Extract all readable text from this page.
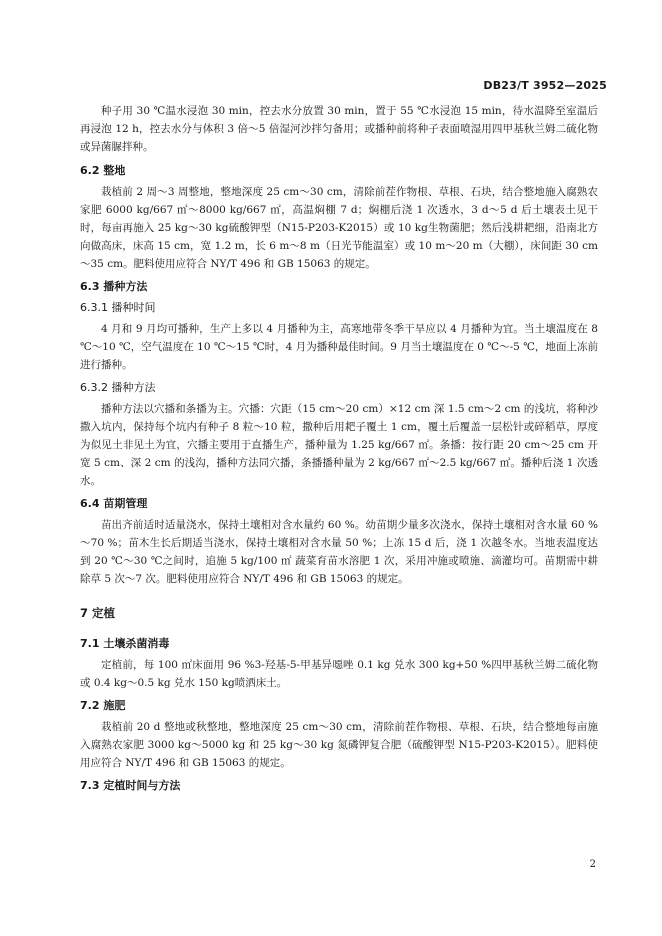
DB23/T 3952—2025

种子用 30 ℃温水浸泡 30 min，控去水分放置 30 min，置于 55 ℃水浸泡 15 min，待水温降至室温后再浸泡 12 h，控去水分与体积 3 倍～5 倍湿河沙拌匀备用；或播种前将种子表面喷湿用四甲基秋兰姆二硫化物或异菌脲拌种。

6.2 整地

栽植前 2 周～3 周整地，整地深度 25 cm～30 cm，清除前茬作物根、草根、石块，结合整地施入腐熟农家肥 6000 kg/667 ㎡～8000 kg/667 ㎡，高温焖棚 7 d；焖棚后浇 1 次透水，3 d～5 d 后土壤表土见干时，每亩再施入 25 kg～30 kg硫酸钾型（N15-P203-K2015）或 10 kg生物菌肥；然后浅耕耙细，沿南北方向做高床，床高 15 cm，宽 1.2 m，长 6 m～8 m（日光节能温室）或 10 m～20 m（大棚），床间距 30 cm～35 cm。肥料使用应符合 NY/T 496 和 GB 15063 的规定。

6.3 播种方法
6.3.1 播种时间

4 月和 9 月均可播种，生产上多以 4 月播种为主，高寒地带冬季干旱应以 4 月播种为宜。当土壤温度在 8 ℃～10 ℃，空气温度在 10 ℃～15 ℃时，4 月为播种最佳时间。9 月当土壤温度在 0 ℃～-5 ℃，地面上冻前进行播种。

6.3.2 播种方法

播种方法以穴播和条播为主。穴播：穴距（15 cm～20 cm）×12 cm 深 1.5 cm～2 cm 的浅坑，将种沙撒入坑内，保持每个坑内有种子 8 粒～10 粒，撒种后用耙子覆土 1 cm，覆土后覆盖一层松针或碎稻草，厚度为似见土非见土为宜，穴播主要用于直播生产，播种量为 1.25 kg/667 ㎡。条播：按行距 20 cm～25 cm 开宽 5 cm、深 2 cm 的浅沟，播种方法同穴播，条播播种量为 2 kg/667 ㎡～2.5 kg/667 ㎡。播种后浇 1 次透水。

6.4 苗期管理

苗出齐前适时适量浇水，保持土壤相对含水量约 60 %。幼苗期少量多次浇水，保持土壤相对含水量 60 %～70 %；苗木生长后期适当浇水，保持土壤相对含水量 50 %；上冻 15 d 后，浇 1 次越冬水。当地表温度达到 20 ℃～30 ℃之间时，追施 5 kg/100 ㎡ 蔬菜育苗水溶肥 1 次，采用冲施或喷施、滴灌均可。苗期需中耕除草 5 次～7 次。肥料使用应符合 NY/T 496 和 GB 15063 的规定。

7 定植
7.1 土壤杀菌消毒

定植前，每 100 ㎡床面用 96 %3-羟基-5-甲基异噁唑 0.1 kg 兑水 300 kg+50 %四甲基秋兰姆二硫化物或 0.4 kg～0.5 kg 兑水 150 kg喷洒床土。

7.2 施肥

栽植前 20 d 整地或秋整地，整地深度 25 cm～30 cm，清除前茬作物根、草根、石块，结合整地每亩施入腐熟农家肥 3000 kg～5000 kg 和 25 kg～30 kg 氮磷钾复合肥（硫酸钾型 N15-P203-K2015）。肥料使用应符合 NY/T 496 和 GB 15063 的规定。

7.3 定植时间与方法
2
